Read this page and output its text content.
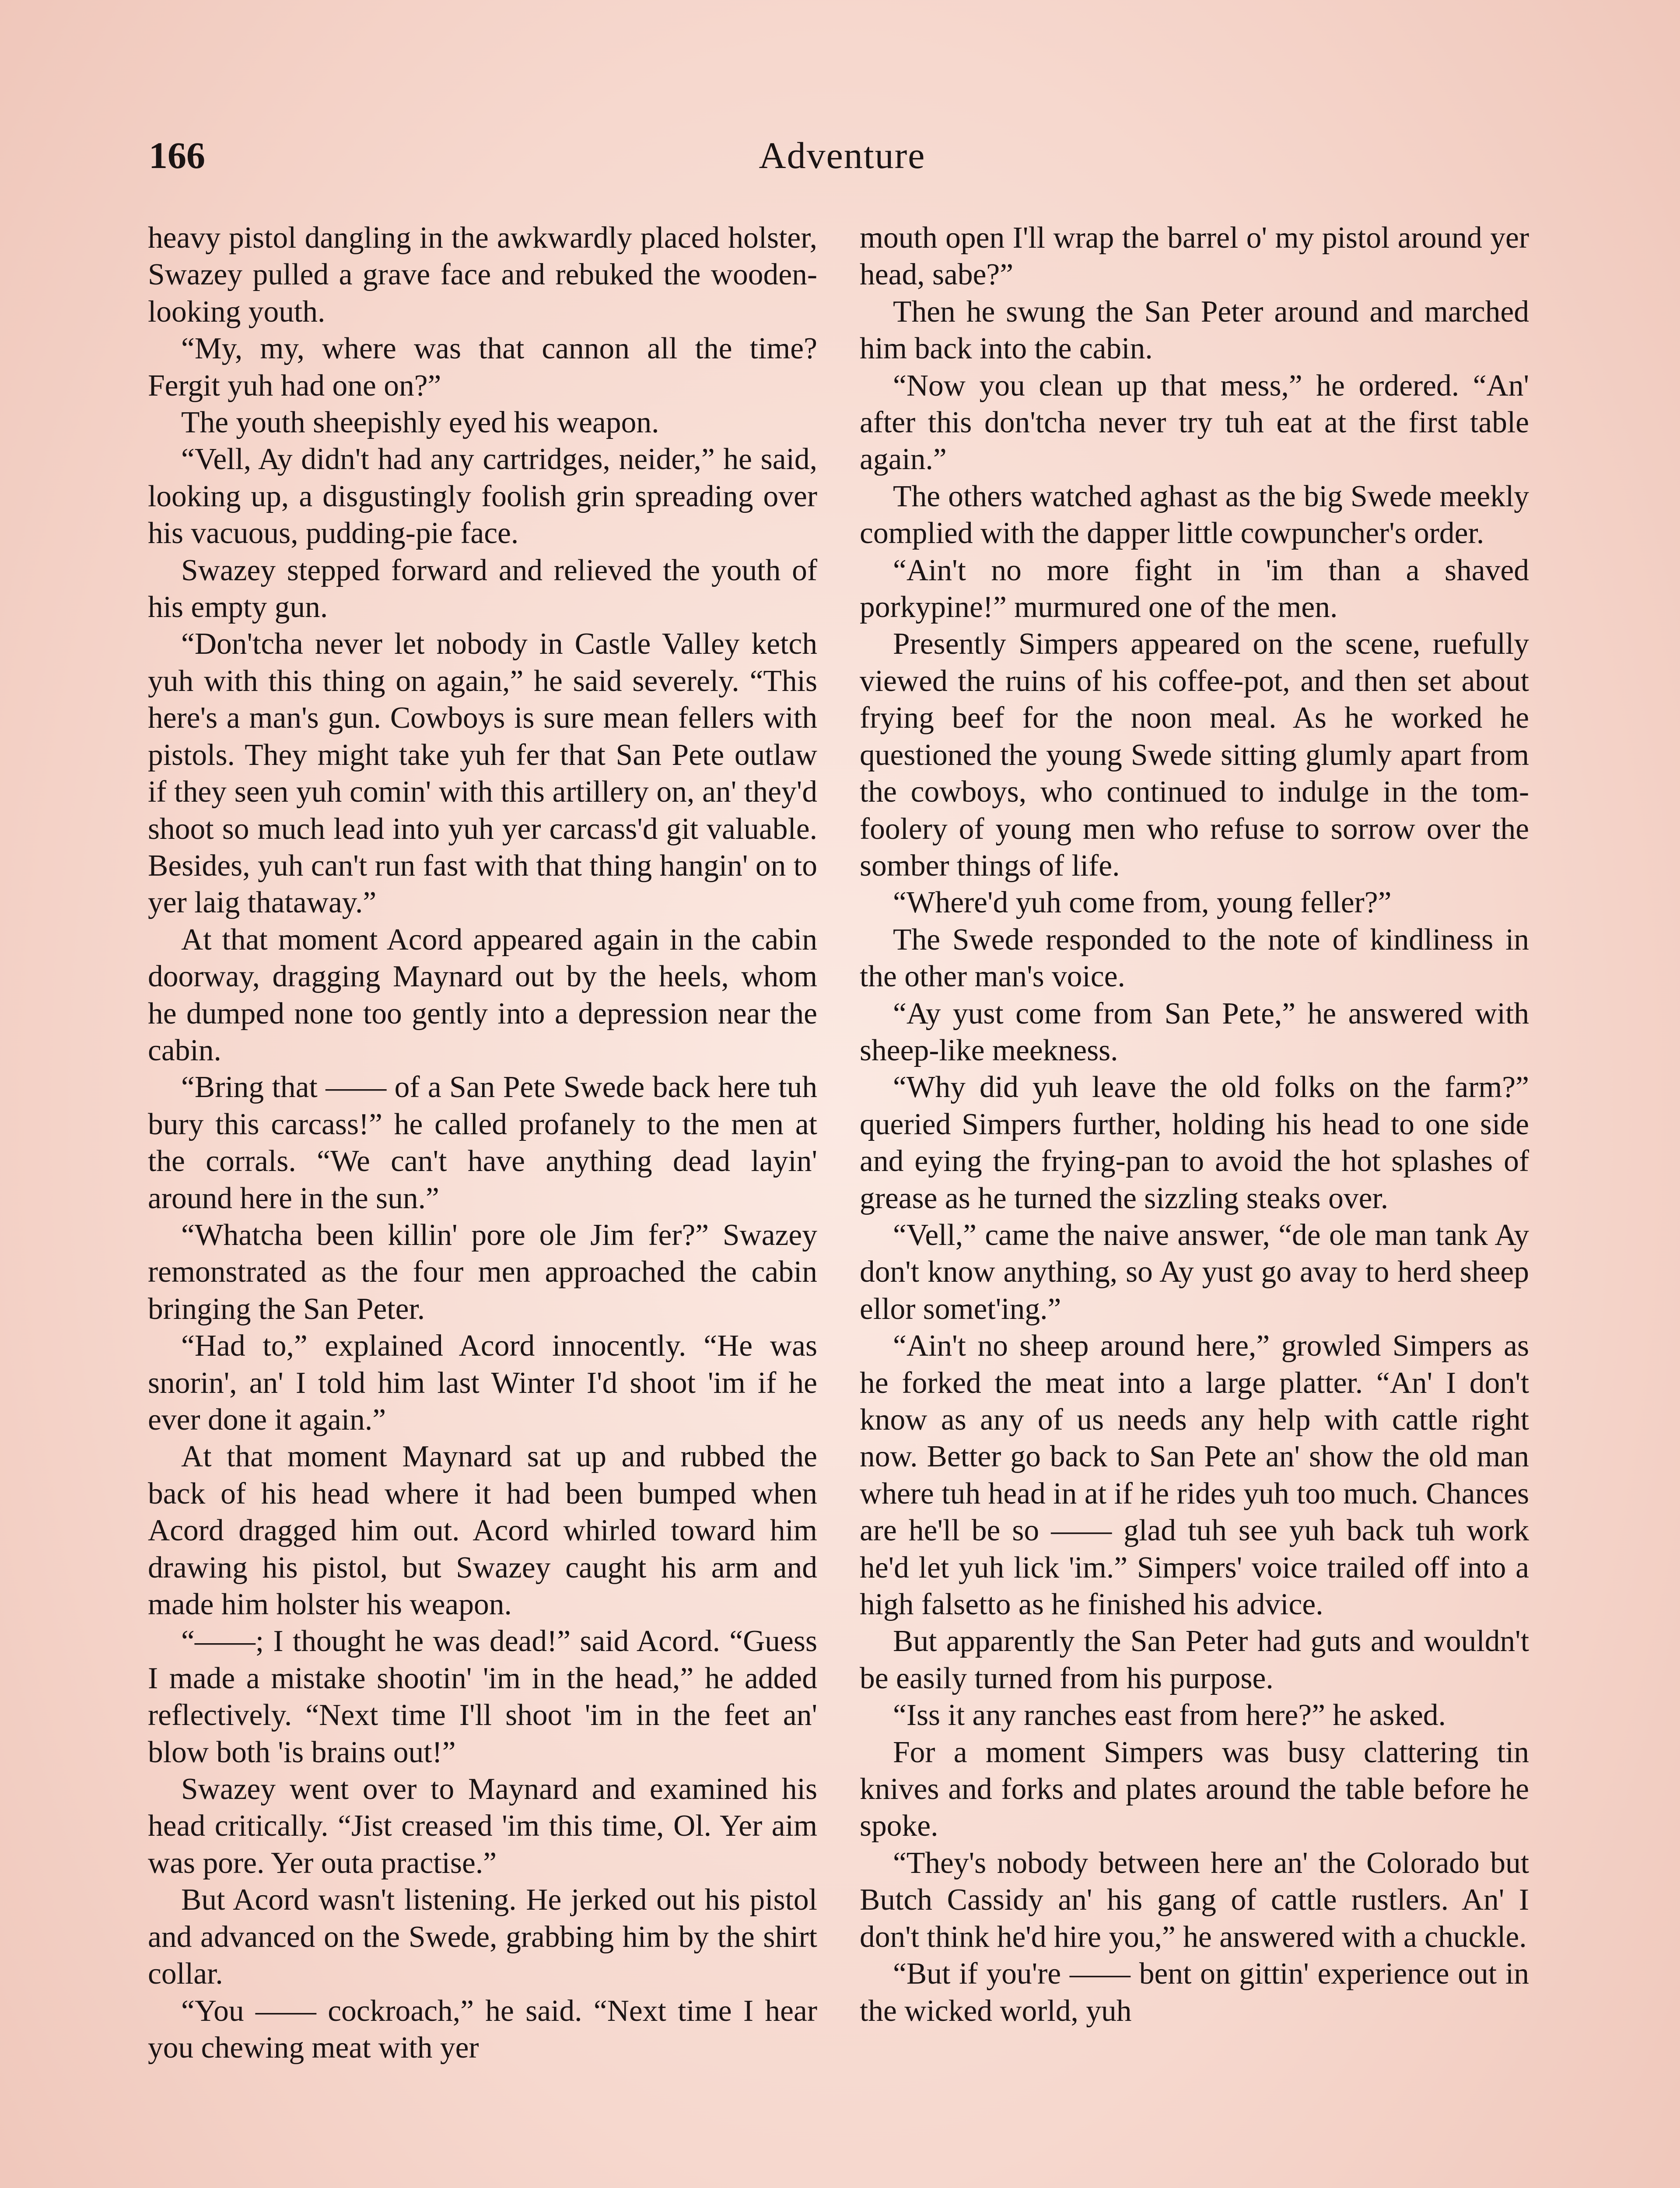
166	Adventure

heavy pistol dangling in the awkwardly placed holster, Swazey pulled a grave face and rebuked the wooden-looking youth.

“My, my, where was that cannon all the time? Fergit yuh had one on?”

The youth sheepishly eyed his weapon.

“Vell, Ay didn't had any cartridges, neider,” he said, looking up, a disgustingly foolish grin spreading over his vacuous, pudding-pie face.

Swazey stepped forward and relieved the youth of his empty gun.

“Don'tcha never let nobody in Castle Valley ketch yuh with this thing on again,” he said severely. “This here's a man's gun. Cowboys is sure mean fellers with pistols. They might take yuh fer that San Pete outlaw if they seen yuh comin' with this artillery on, an' they'd shoot so much lead into yuh yer carcass'd git valuable. Besides, yuh can't run fast with that thing hangin' on to yer laig thataway.”

At that moment Acord appeared again in the cabin doorway, dragging Maynard out by the heels, whom he dumped none too gently into a depression near the cabin.

“Bring that —— of a San Pete Swede back here tuh bury this carcass!” he called profanely to the men at the corrals. “We can't have anything dead layin' around here in the sun.”

“Whatcha been killin' pore ole Jim fer?” Swazey remonstrated as the four men approached the cabin bringing the San Peter.

“Had to,” explained Acord innocently. “He was snorin', an' I told him last Winter I'd shoot 'im if he ever done it again.”

At that moment Maynard sat up and rubbed the back of his head where it had been bumped when Acord dragged him out. Acord whirled toward him drawing his pistol, but Swazey caught his arm and made him holster his weapon.

“——; I thought he was dead!” said Acord. “Guess I made a mistake shootin' 'im in the head,” he added reflectively. “Next time I'll shoot 'im in the feet an' blow both 'is brains out!”

Swazey went over to Maynard and examined his head critically. “Jist creased 'im this time, Ol. Yer aim was pore. Yer outa practise.”

But Acord wasn't listening. He jerked out his pistol and advanced on the Swede, grabbing him by the shirt collar.

“You —— cockroach,” he said. “Next time I hear you chewing meat with yer

mouth open I'll wrap the barrel o' my pistol around yer head, sabe?”

Then he swung the San Peter around and marched him back into the cabin.

“Now you clean up that mess,” he ordered. “An' after this don'tcha never try tuh eat at the first table again.”

The others watched aghast as the big Swede meekly complied with the dapper little cowpuncher's order.

“Ain't no more fight in 'im than a shaved porkypine!” murmured one of the men.

Presently Simpers appeared on the scene, ruefully viewed the ruins of his coffee-pot, and then set about frying beef for the noon meal. As he worked he questioned the young Swede sitting glumly apart from the cowboys, who continued to indulge in the tom-foolery of young men who refuse to sorrow over the somber things of life.

“Where'd yuh come from, young feller?”

The Swede responded to the note of kindliness in the other man's voice.

“Ay yust come from San Pete,” he answered with sheep-like meekness.

“Why did yuh leave the old folks on the farm?” queried Simpers further, holding his head to one side and eying the frying-pan to avoid the hot splashes of grease as he turned the sizzling steaks over.

“Vell,” came the naive answer, “de ole man tank Ay don't know anything, so Ay yust go avay to herd sheep ellor somet'ing.”

“Ain't no sheep around here,” growled Simpers as he forked the meat into a large platter. “An' I don't know as any of us needs any help with cattle right now. Better go back to San Pete an' show the old man where tuh head in at if he rides yuh too much. Chances are he'll be so —— glad tuh see yuh back tuh work he'd let yuh lick 'im.” Simpers' voice trailed off into a high falsetto as he finished his advice.

But apparently the San Peter had guts and wouldn't be easily turned from his purpose.

“Iss it any ranches east from here?” he asked.

For a moment Simpers was busy clattering tin knives and forks and plates around the table before he spoke.

“They's nobody between here an' the Colorado but Butch Cassidy an' his gang of cattle rustlers. An' I don't think he'd hire you,” he answered with a chuckle.

“But if you're —— bent on gittin' experience out in the wicked world, yuh
